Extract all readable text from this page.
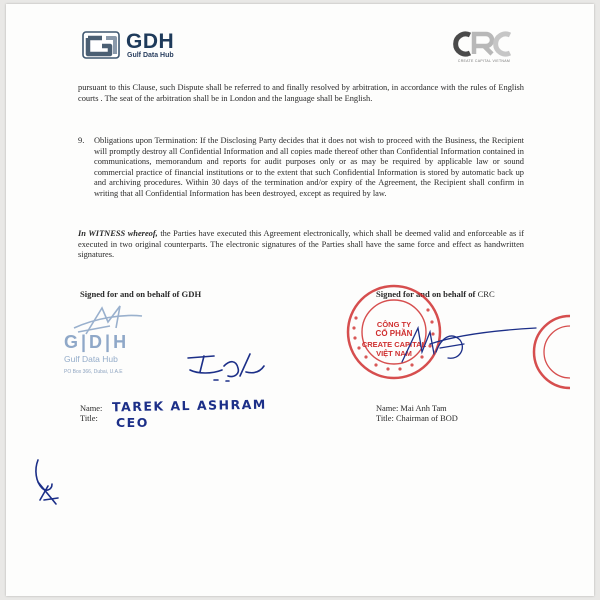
GDH
Gulf Data Hub
CREATE CAPITAL VIETNAM
pursuant to this Clause, such Dispute shall be referred to and finally resolved by arbitration, in accordance with the rules of English courts . The seat of the arbitration shall be in London and the language shall be English.
9. Obligations upon Termination: If the Disclosing Party decides that it does not wish to proceed with the Business, the Recipient will promptly destroy all Confidential Information and all copies made thereof other than Confidential Information contained in communications, memorandum and reports for audit purposes only or as may be required by applicable law or sound commercial practice of financial institutions or to the extent that such Confidential Information is stored by automatic back up and archiving procedures. Within 30 days of the termination and/or expiry of the Agreement, the Recipient shall confirm in writing that all Confidential Information has been destroyed, except as required by law.
In WITNESS whereof, the Parties have executed this Agreement electronically, which shall be deemed valid and enforceable as if executed in two original counterparts. The electronic signatures of the Parties shall have the same force and effect as handwritten signatures.
Signed for and on behalf of GDH
G|D|H
Gulf Data Hub
PO Box 366, Dubai, U.A.E
Name:
Title:
TAREK AL ASHRAM
CEO
Signed for and on behalf of CRC
CÔNG TY
CỔ PHẦN
CREATE CAPITAL
VIỆT NAM
Name: Mai Anh Tam
Title: Chairman of BOD
